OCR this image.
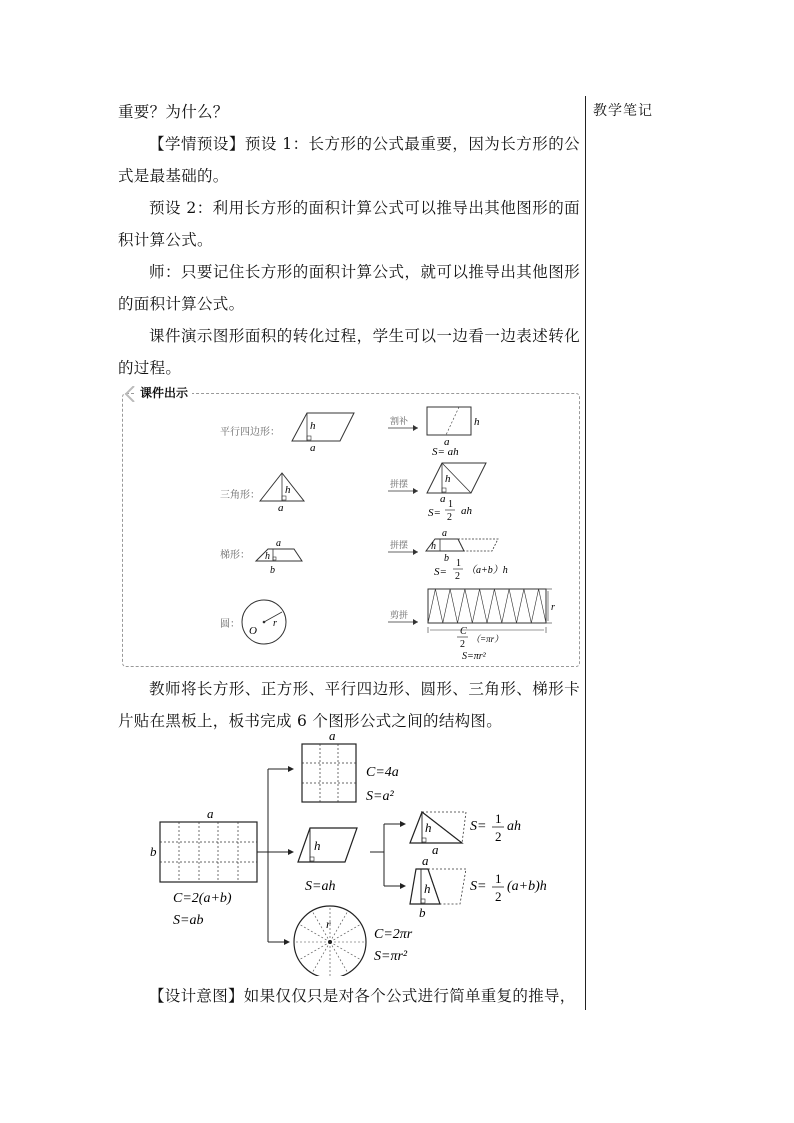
教学笔记

重要？为什么？

【学情预设】预设 1：长方形的公式最重要，因为长方形的公式是最基础的。

预设 2：利用长方形的面积计算公式可以推导出其他图形的面积计算公式。

师：只要记住长方形的面积计算公式，就可以推导出其他图形的面积计算公式。

课件演示图形面积的转化过程，学生可以一边看一边表述转化的过程。

课件出示
平行四边形：
h
a
割补	h
a
S= ah
三角形： h
a
拼摆	h
a
S=
1
2
ah
梯形：
a
h
b
拼摆
a
h
b
S=
1
2
（a+b）h
圆：
O
r
剪拼
r
C
2 （=πr）
S=πr²

教师将长方形、正方形、平行四边形、圆形、三角形、梯形卡片贴在黑板上，板书完成 6 个图形公式之间的结构图。

a
C=4a
S=a²
a
b
C=2(a+b)
S=ab
h
S=ah
h
a
S=
1
2
ah
a
h
b
S=
1
2
(a+b)h
r
C=2πr
S=πr²

【设计意图】如果仅仅只是对各个公式进行简单重复的推导，
